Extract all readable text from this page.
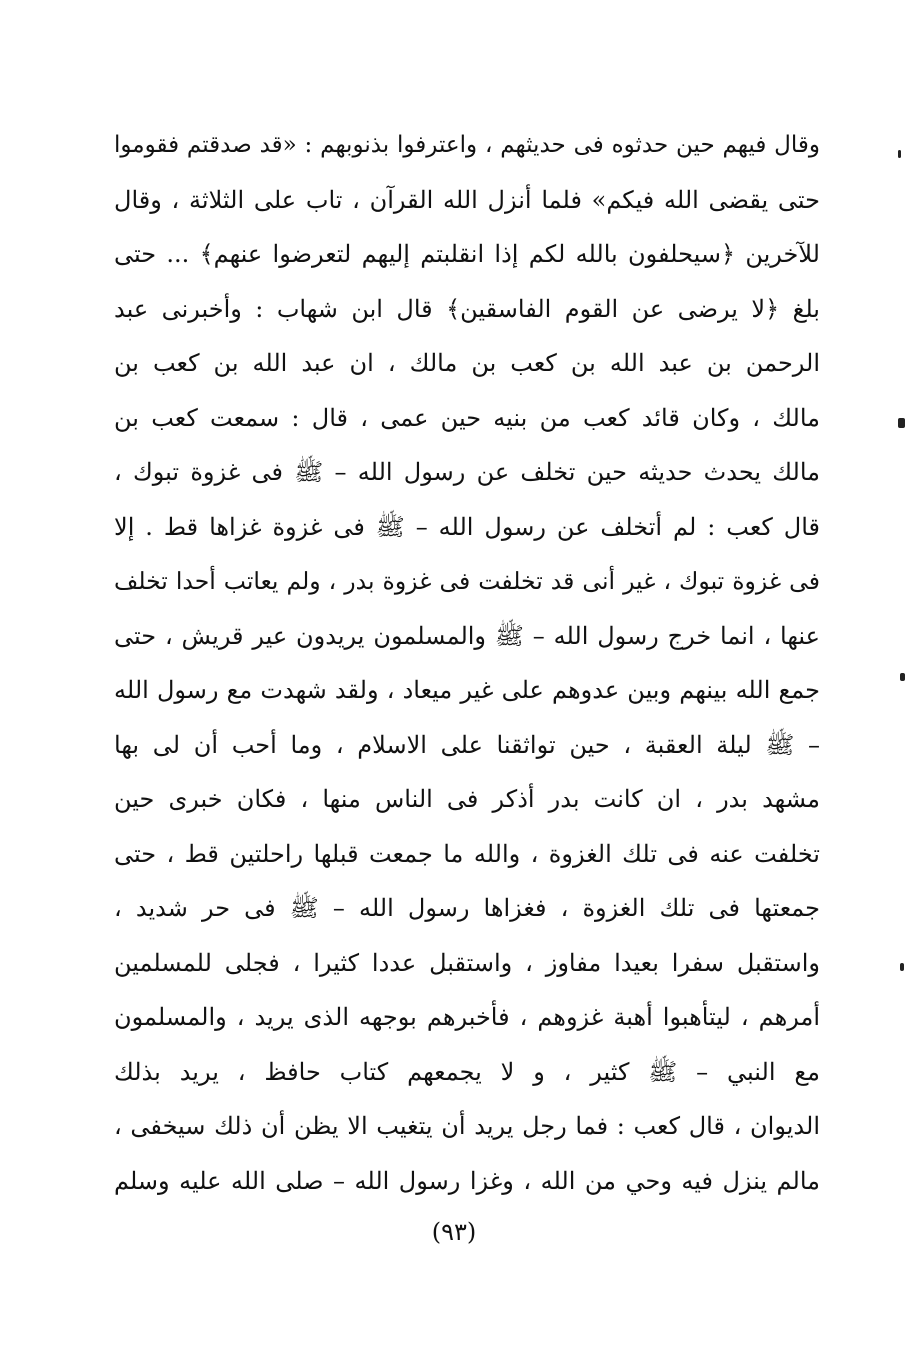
وقال فيهم حين حدثوه فى حديثهم ، واعترفوا بذنوبهم : «قد صدقتم فقوموا
حتى يقضى الله فيكم» فلما أنزل الله القرآن ، تاب على الثلاثة ، وقال
للآخرين ﴿سيحلفون بالله لكم إذا انقلبتم إليهم لتعرضوا عنهم﴾ ... حتى
بلغ ﴿لا يرضى عن القوم الفاسقين﴾ قال ابن شهاب : وأخبرنى عبد
الرحمن بن عبد الله بن كعب بن مالك ، ان عبد الله بن كعب بن
مالك ، وكان قائد كعب من بنيه حين عمى ، قال : سمعت كعب بن
مالك يحدث حديثه حين تخلف عن رسول الله – ﷺ فى غزوة تبوك ،
قال كعب : لم أتخلف عن رسول الله – ﷺ فى غزوة غزاها قط . إلا
فى غزوة تبوك ، غير أنى قد تخلفت فى غزوة بدر ، ولم يعاتب أحدا تخلف
عنها ، انما خرج رسول الله – ﷺ والمسلمون يريدون عير قريش ، حتى
جمع الله بينهم وبين عدوهم على غير ميعاد ، ولقد شهدت مع رسول الله
– ﷺ ليلة العقبة ، حين تواثقنا على الاسلام ، وما أحب أن لى بها
مشهد بدر ، ان كانت بدر أذكر فى الناس منها ، فكان خبرى حين
تخلفت عنه فى تلك الغزوة ، والله ما جمعت قبلها راحلتين قط ، حتى
جمعتها فى تلك الغزوة ، فغزاها رسول الله – ﷺ فى حر شديد ،
واستقبل سفرا بعيدا مفاوز ، واستقبل عددا كثيرا ، فجلى للمسلمين
أمرهم ، ليتأهبوا أهبة غزوهم ، فأخبرهم بوجهه الذى يريد ، والمسلمون
مع النبي – ﷺ كثير ، و لا يجمعهم كتاب حافظ ، يريد بذلك
الديوان ، قال كعب : فما رجل يريد أن يتغيب الا يظن أن ذلك سيخفى ،
مالم ينزل فيه وحي من الله ، وغزا رسول الله – صلى الله عليه وسلم
(٩٣)
